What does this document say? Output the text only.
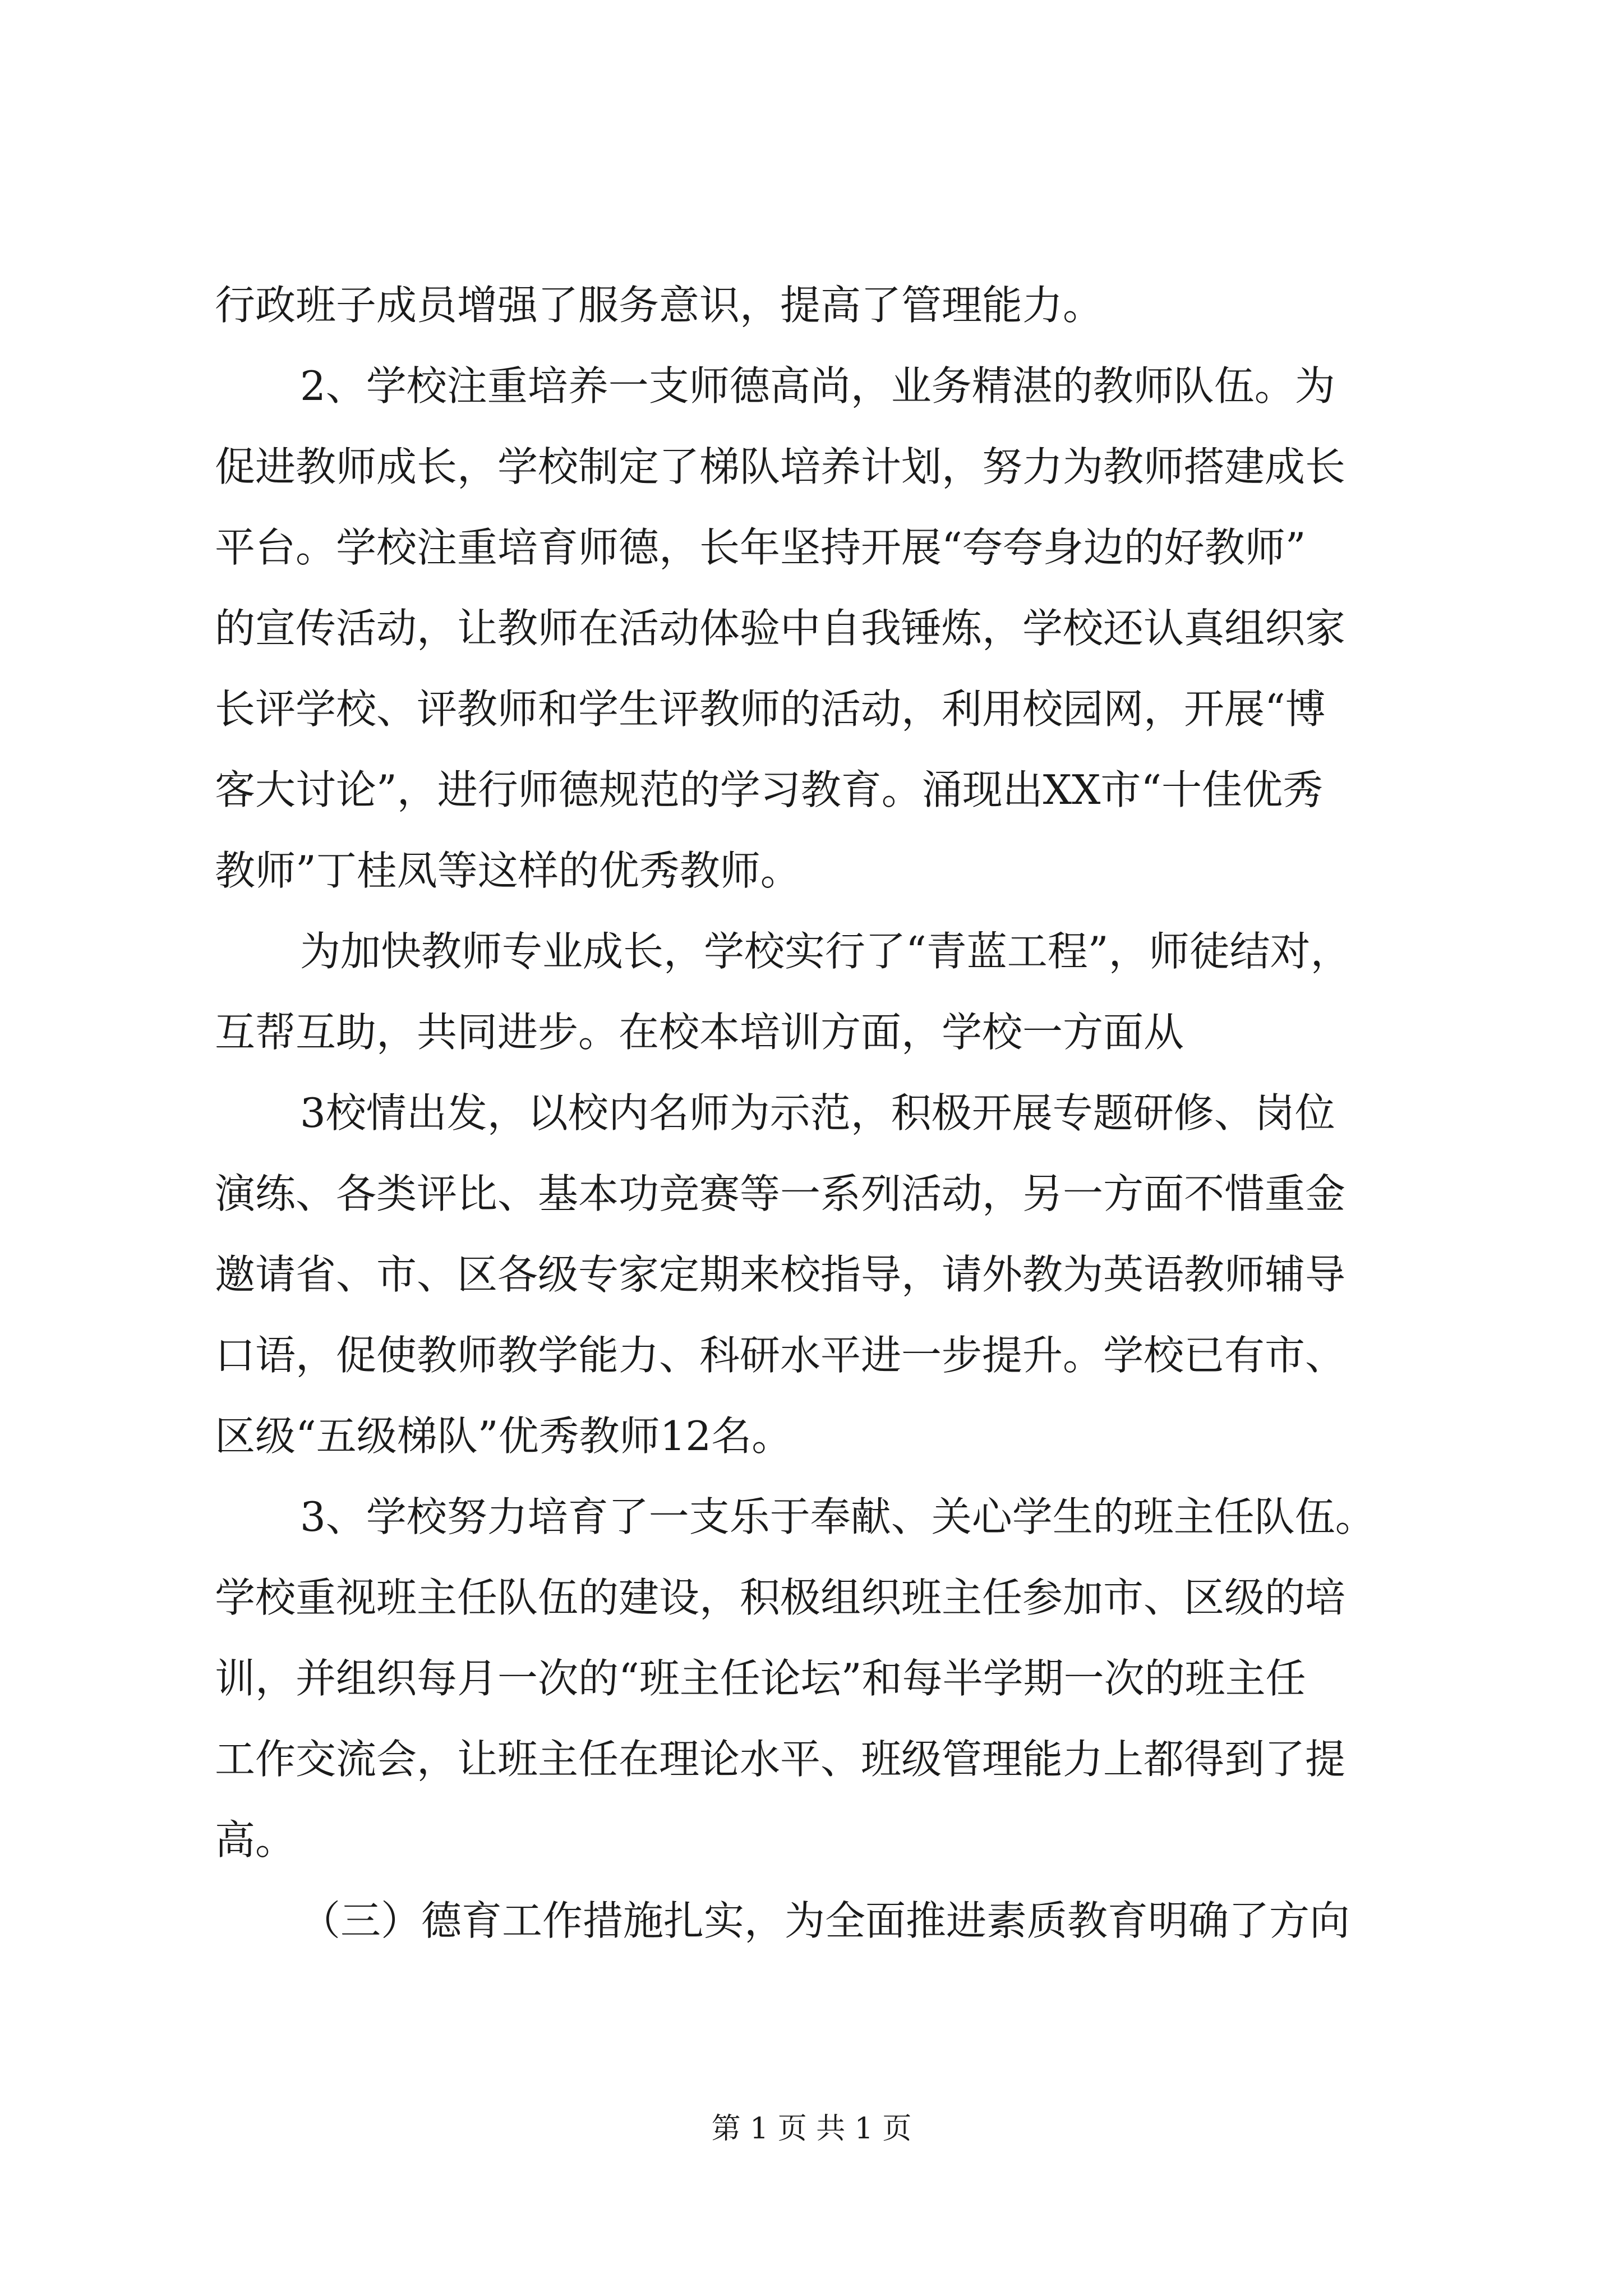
行政班子成员增强了服务意识，提高了管理能力。
2、学校注重培养一支师德高尚，业务精湛的教师队伍。为
促进教师成长，学校制定了梯队培养计划，努力为教师搭建成长
平台。学校注重培育师德，长年坚持开展“夸夸身边的好教师”
的宣传活动，让教师在活动体验中自我锤炼，学校还认真组织家
长评学校、评教师和学生评教师的活动，利用校园网，开展“博
客大讨论”，进行师德规范的学习教育。涌现出XX市“十佳优秀
教师”丁桂凤等这样的优秀教师。
为加快教师专业成长，学校实行了“青蓝工程”，师徒结对，
互帮互助，共同进步。在校本培训方面，学校一方面从
3校情出发，以校内名师为示范，积极开展专题研修、岗位
演练、各类评比、基本功竞赛等一系列活动，另一方面不惜重金
邀请省、市、区各级专家定期来校指导，请外教为英语教师辅导
口语，促使教师教学能力、科研水平进一步提升。学校已有市、
区级“五级梯队”优秀教师12名。
3、学校努力培育了一支乐于奉献、关心学生的班主任队伍。
学校重视班主任队伍的建设，积极组织班主任参加市、区级的培
训，并组织每月一次的“班主任论坛”和每半学期一次的班主任
工作交流会，让班主任在理论水平、班级管理能力上都得到了提
高。
（三）德育工作措施扎实，为全面推进素质教育明确了方向
第 1 页 共 1 页
